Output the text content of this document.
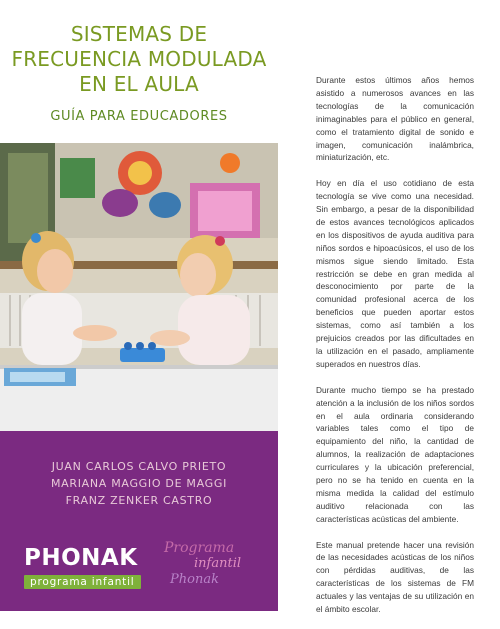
SISTEMAS DE
FRECUENCIA MODULADA
EN EL AULA
GUÍA PARA EDUCADORES
JUAN CARLOS CALVO PRIETO
MARIANA MAGGIO DE MAGGI
FRANZ ZENKER CASTRO
PHONAK
programa infantil
Programa
infantil
Phonak

Durante estos últimos años hemos asistido a numerosos avances en las tecnologías de la comunicación inimaginables para el público en general, como el tratamiento digital de sonido e imagen, comunicación inalámbrica, miniaturización, etc.

Hoy en día el uso cotidiano de esta tecnología se vive como una necesidad. Sin embargo, a pesar de la disponibilidad de estos avances tecnológicos aplicados en los dispositivos de ayuda auditiva para niños sordos e hipoacúsicos, el uso de los mismos sigue siendo limitado. Esta restricción se debe en gran medida al desconocimiento por parte de la comunidad profesional acerca de los beneficios que pueden aportar estos sistemas, como así también a los prejuicios creados por las dificultades en la utilización en el pasado, ampliamente superados en nuestros días.

Durante mucho tiempo se ha prestado atención a la inclusión de los niños sordos en el aula ordinaria considerando variables tales como el tipo de equipamiento del niño, la cantidad de alumnos, la realización de adaptaciones curriculares y la ubicación preferencial, pero no se ha tenido en cuenta en la misma medida la calidad del estímulo auditivo relacionada con las características acústicas del ambiente.

Este manual pretende hacer una revisión de las necesidades acústicas de los niños con pérdidas auditivas, de las características de los sistemas de FM actuales y las ventajas de su utilización en el ámbito escolar.
